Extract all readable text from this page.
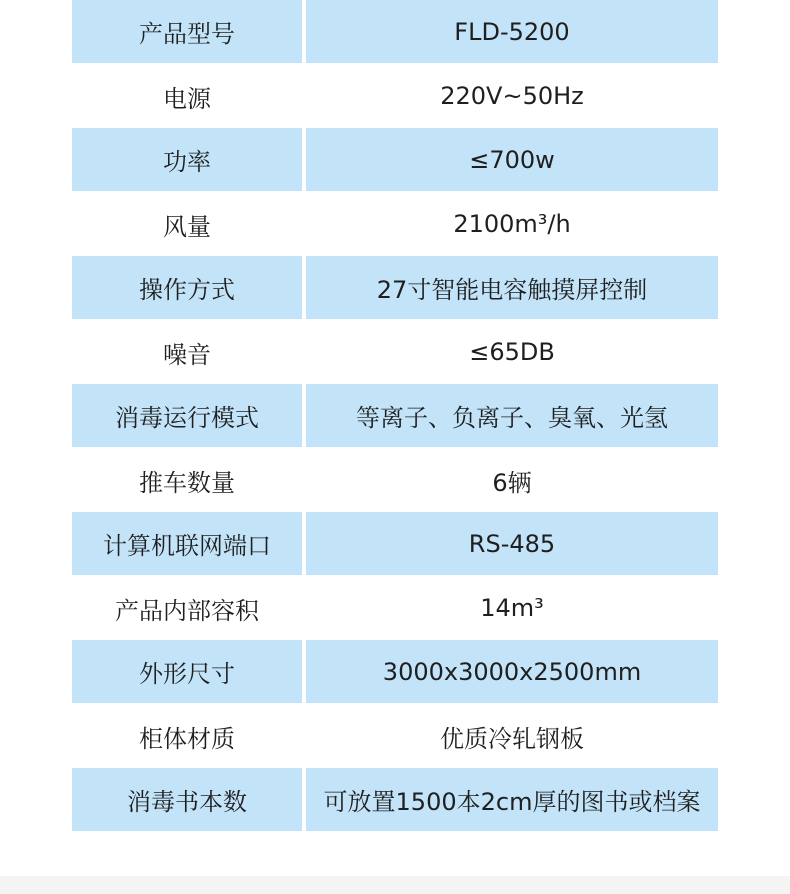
产品型号	FLD-5200
电源	220V~50Hz
功率	≤700w
风量	2100m³/h
操作方式	27寸智能电容触摸屏控制
噪音	≤65DB
消毒运行模式	等离子、负离子、臭氧、光氢
推车数量	6辆
计算机联网端口	RS-485
产品内部容积	14m³
外形尺寸	3000x3000x2500mm
柜体材质	优质冷轧钢板
消毒书本数	可放置1500本2cm厚的图书或档案
